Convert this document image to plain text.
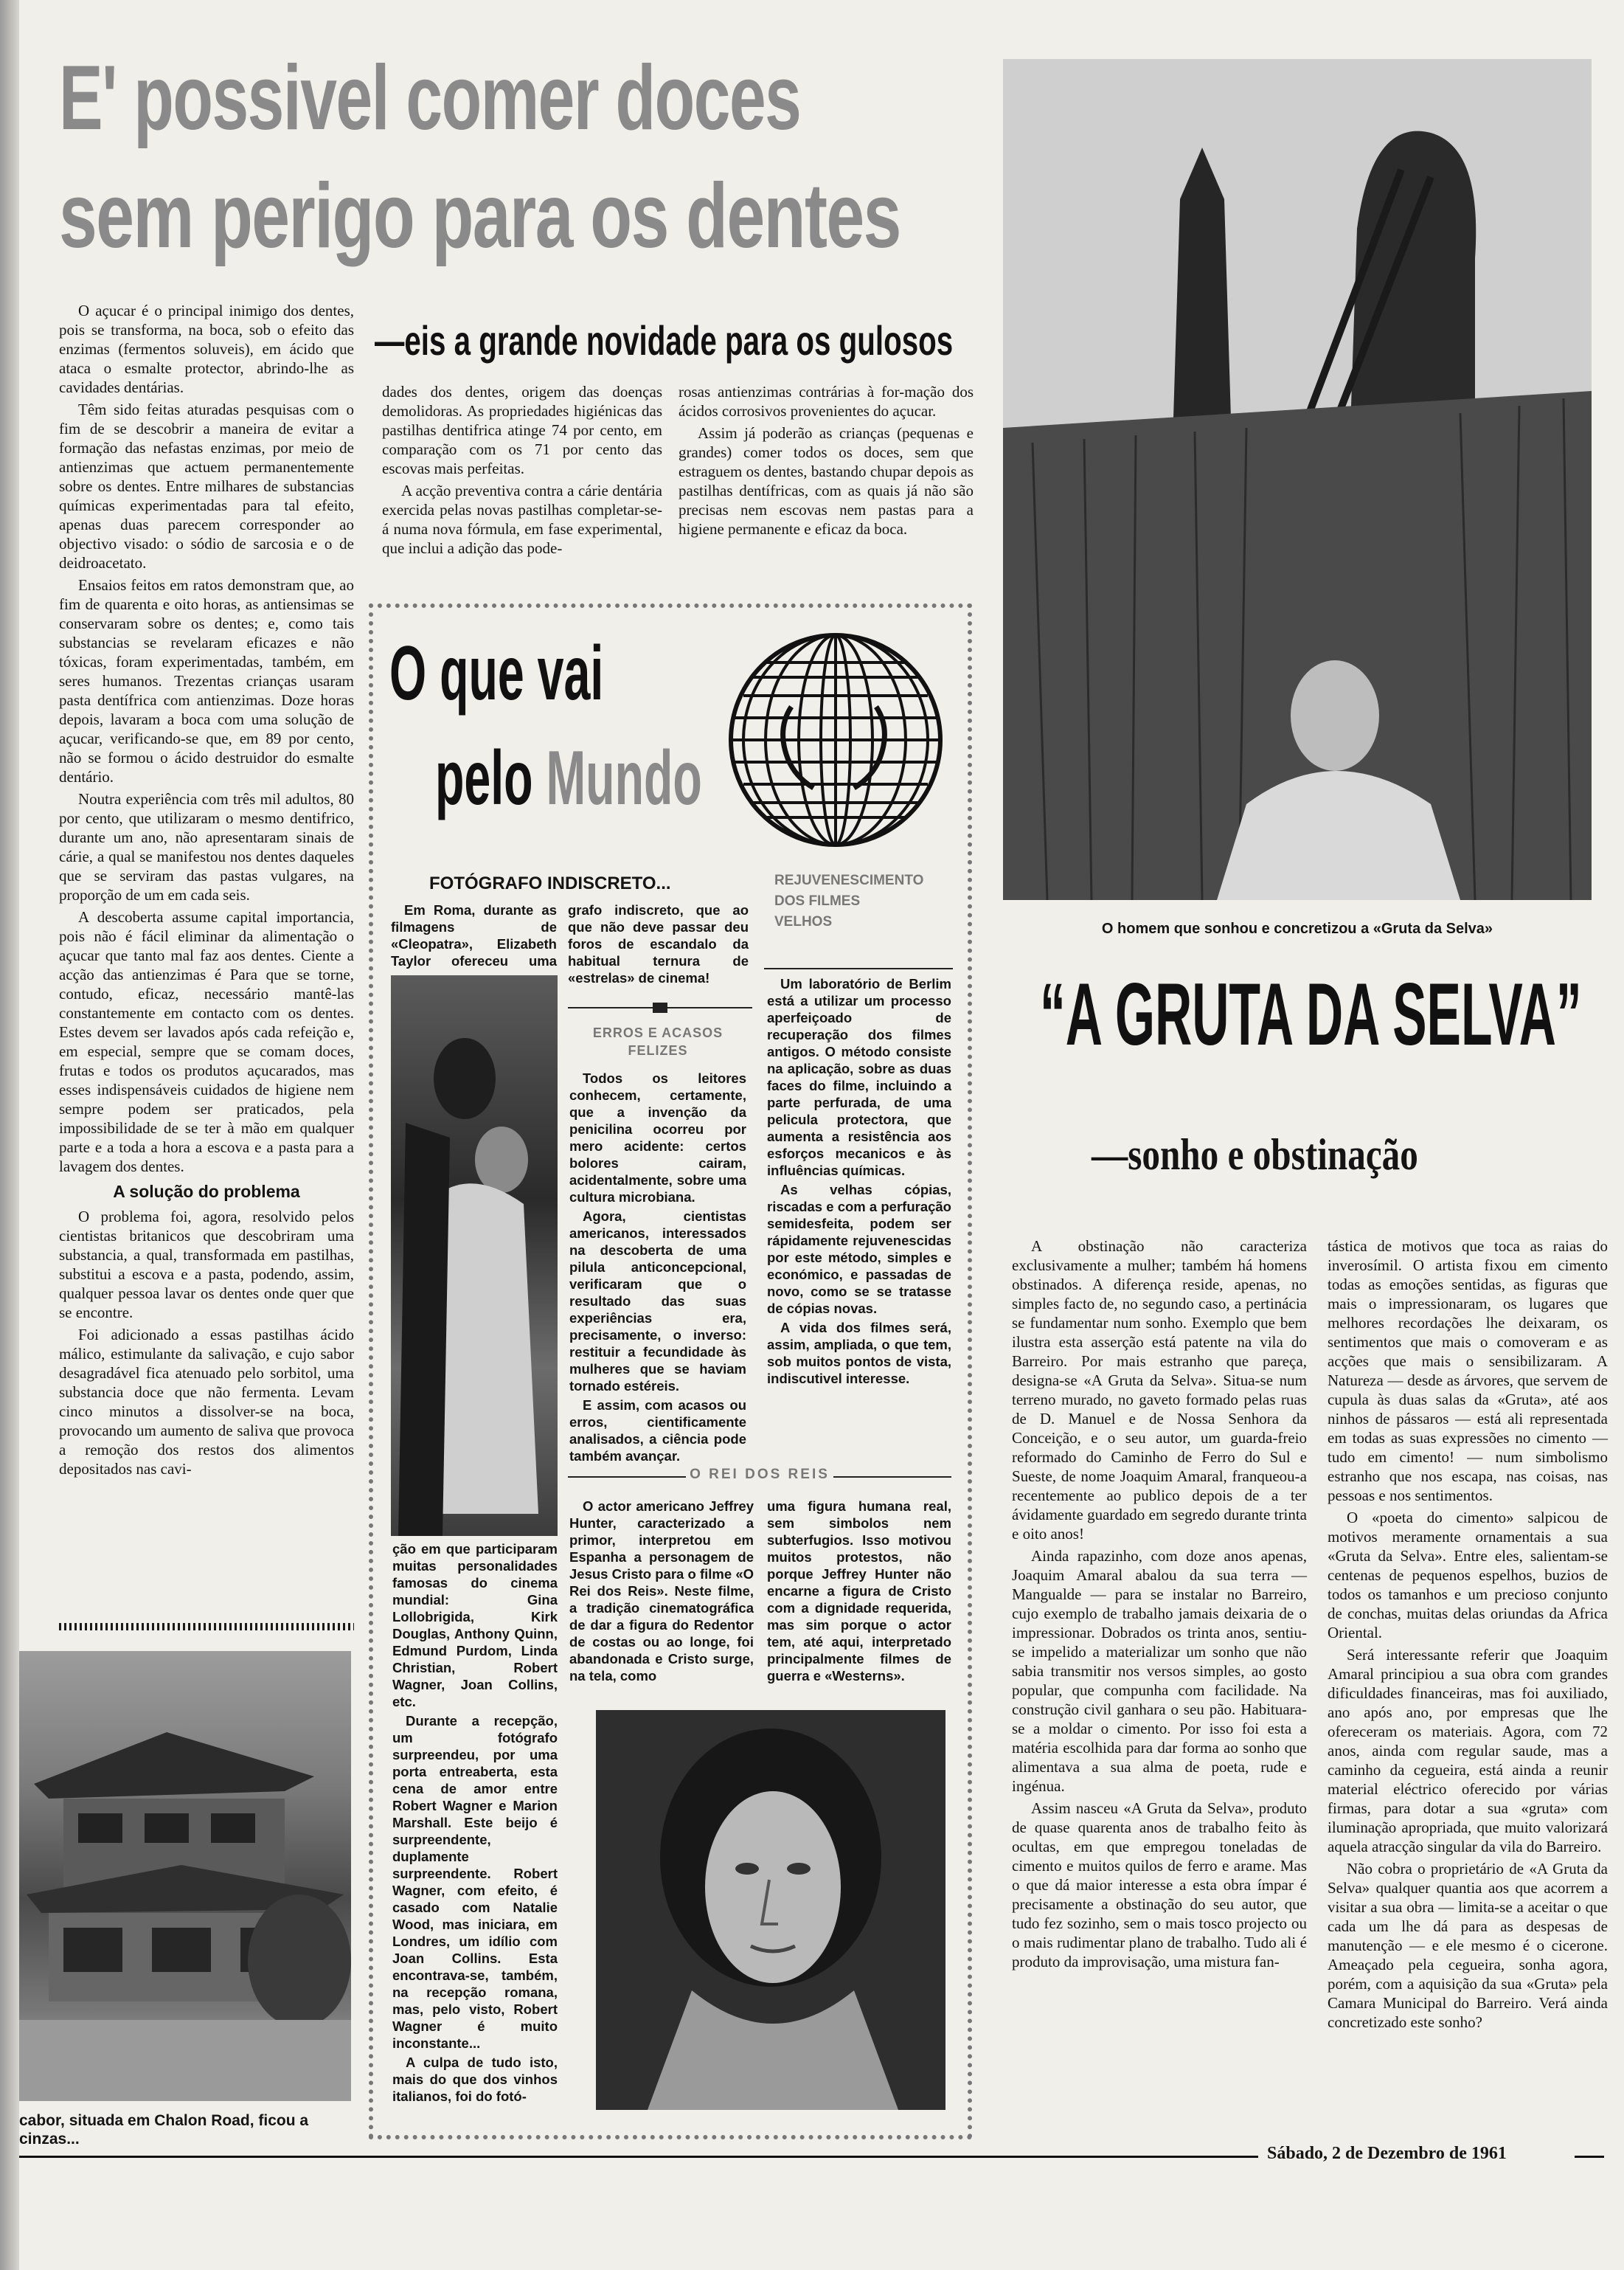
E' possivel comer doces
sem perigo para os dentes
—eis a grande novidade para os gulosos

O açucar é o principal inimigo dos dentes, pois se transforma, na boca, sob o efeito das enzimas (fermentos soluveis), em ácido que ataca o esmalte protector, abrindo-lhe as cavidades dentárias.

Têm sido feitas aturadas pesquisas com o fim de se descobrir a maneira de evitar a formação das nefastas enzimas, por meio de antienzimas que actuem permanentemente sobre os dentes. Entre milhares de substancias químicas experimentadas para tal efeito, apenas duas parecem corresponder ao objectivo visado: o sódio de sarcosia e o de deidroacetato.

Ensaios feitos em ratos demonstram que, ao fim de quarenta e oito horas, as antiensimas se conservaram sobre os dentes; e, como tais substancias se revelaram eficazes e não tóxicas, foram experimentadas, também, em seres humanos. Trezentas crianças usaram pasta dentífrica com antienzimas. Doze horas depois, lavaram a boca com uma solução de açucar, verificando-se que, em 89 por cento, não se formou o ácido destruidor do esmalte dentário.

Noutra experiência com três mil adultos, 80 por cento, que utilizaram o mesmo dentifrico, durante um ano, não apresentaram sinais de cárie, a qual se manifestou nos dentes daqueles que se serviram das pastas vulgares, na proporção de um em cada seis.

A descoberta assume capital importancia, pois não é fácil eliminar da alimentação o açucar que tanto mal faz aos dentes. Ciente a acção das antienzimas é Para que se torne, contudo, eficaz, necessário mantê-las constantemente em contacto com os dentes. Estes devem ser lavados após cada refeição e, em especial, sempre que se comam doces, frutas e todos os produtos açucarados, mas esses indispensáveis cuidados de higiene nem sempre podem ser praticados, pela impossibilidade de se ter à mão em qualquer parte e a toda a hora a escova e a pasta para a lavagem dos dentes.

A solução do problema

O problema foi, agora, resolvido pelos cientistas britanicos que descobriram uma substancia, a qual, transformada em pastilhas, substitui a escova e a pasta, podendo, assim, qualquer pessoa lavar os dentes onde quer que se encontre.

Foi adicionado a essas pastilhas ácido málico, estimulante da salivação, e cujo sabor desagradável fica atenuado pelo sorbitol, uma substancia doce que não fermenta. Levam cinco minutos a dissolver-se na boca, provocando um aumento de saliva que provoca a remoção dos restos dos alimentos depositados nas cavi-

dades dos dentes, origem das doenças demolidoras. As propriedades higiénicas das pastilhas dentifrica atinge 74 por cento, em comparação com os 71 por cento das escovas mais perfeitas.

A acção preventiva contra a cárie dentária exercida pelas novas pastilhas completar-se-á numa nova fórmula, em fase experimental, que inclui a adição das pode-

rosas antienzimas contrárias à for-mação dos ácidos corrosivos provenientes do açucar.

Assim já poderão as crianças (pequenas e grandes) comer todos os doces, sem que estraguem os dentes, bastando chupar depois as pastilhas dentífricas, com as quais já não são precisas nem escovas nem pastas para a higiene permanente e eficaz da boca.

cabor, situada em Chalon Road, ficou a cinzas...
O que vai
pelo Mundo
FOTÓGRAFO INDISCRETO...

Em Roma, durante as filmagens de «Cleopatra», Elizabeth Taylor ofereceu uma

grafo indiscreto, que ao que não deve passar deu foros de escandalo da habitual ternura de «estrelas» de cinema!

ção em que participaram muitas personalidades famosas do cinema mundial: Gina Lollobrigida, Kirk Douglas, Anthony Quinn, Edmund Purdom, Linda Christian, Robert Wagner, Joan Collins, etc.

Durante a recepção, um fotógrafo surpreendeu, por uma porta entreaberta, esta cena de amor entre Robert Wagner e Marion Marshall. Este beijo é surpreendente, duplamente surpreendente. Robert Wagner, com efeito, é casado com Natalie Wood, mas iniciara, em Londres, um idílio com Joan Collins. Esta encontrava-se, também, na recepção romana, mas, pelo visto, Robert Wagner é muito inconstante...

A culpa de tudo isto, mais do que dos vinhos italianos, foi do fotó-

ERROS E ACASOS FELIZES

Todos os leitores conhecem, certamente, que a invenção da penicilina ocorreu por mero acidente: certos bolores cairam, acidentalmente, sobre uma cultura microbiana.

Agora, cientistas americanos, interessados na descoberta de uma pilula anticoncepcional, verificaram que o resultado das suas experiências era, precisamente, o inverso: restituir a fecundidade às mulheres que se haviam tornado estéreis.

E assim, com acasos ou erros, cientificamente analisados, a ciência pode também avançar.

REJUVENESCIMENTO DOS FILMES VELHOS

Um laboratório de Berlim está a utilizar um processo aperfeiçoado de recuperação dos filmes antigos. O método consiste na aplicação, sobre as duas faces do filme, incluindo a parte perfurada, de uma pelicula protectora, que aumenta a resistência aos esforços mecanicos e às influências químicas.

As velhas cópias, riscadas e com a perfuração semidesfeita, podem ser rápidamente rejuvenescidas por este método, simples e económico, e passadas de novo, como se se tratasse de cópias novas.

A vida dos filmes será, assim, ampliada, o que tem, sob muitos pontos de vista, indiscutivel interesse.

O REI DOS REIS

O actor americano Jeffrey Hunter, caracterizado a primor, interpretou em Espanha a personagem de Jesus Cristo para o filme «O Rei dos Reis». Neste filme, a tradição cinematográfica de dar a figura do Redentor de costas ou ao longe, foi abandonada e Cristo surge, na tela, como

uma figura humana real, sem simbolos nem subterfugios. Isso motivou muitos protestos, não porque Jeffrey Hunter não encarne a figura de Cristo com a dignidade requerida, mas sim porque o actor tem, até aqui, interpretado principalmente filmes de guerra e «Westerns».

O homem que sonhou e concretizou a «Gruta da Selva»
“A GRUTA DA SELVA”
—sonho e obstinação

A obstinação não caracteriza exclusivamente a mulher; também há homens obstinados. A diferença reside, apenas, no simples facto de, no segundo caso, a pertinácia se fundamentar num sonho. Exemplo que bem ilustra esta asserção está patente na vila do Barreiro. Por mais estranho que pareça, designa-se «A Gruta da Selva». Situa-se num terreno murado, no gaveto formado pelas ruas de D. Manuel e de Nossa Senhora da Conceição, e o seu autor, um guarda-freio reformado do Caminho de Ferro do Sul e Sueste, de nome Joaquim Amaral, franqueou-a recentemente ao publico depois de a ter ávidamente guardado em segredo durante trinta e oito anos!

Ainda rapazinho, com doze anos apenas, Joaquim Amaral abalou da sua terra — Mangualde — para se instalar no Barreiro, cujo exemplo de trabalho jamais deixaria de o impressionar. Dobrados os trinta anos, sentiu-se impelido a materializar um sonho que não sabia transmitir nos versos simples, ao gosto popular, que compunha com facilidade. Na construção civil ganhara o seu pão. Habituara-se a moldar o cimento. Por isso foi esta a matéria escolhida para dar forma ao sonho que alimentava a sua alma de poeta, rude e ingénua.

Assim nasceu «A Gruta da Selva», produto de quase quarenta anos de trabalho feito às ocultas, em que empregou toneladas de cimento e muitos quilos de ferro e arame. Mas o que dá maior interesse a esta obra ímpar é precisamente a obstinação do seu autor, que tudo fez sozinho, sem o mais tosco projecto ou o mais rudimentar plano de trabalho. Tudo ali é produto da improvisação, uma mistura fan-

tástica de motivos que toca as raias do inverosímil. O artista fixou em cimento todas as emoções sentidas, as figuras que mais o impressionaram, os lugares que melhores recordações lhe deixaram, os sentimentos que mais o comoveram e as acções que mais o sensibilizaram. A Natureza — desde as árvores, que servem de cupula às duas salas da «Gruta», até aos ninhos de pássaros — está ali representada em todas as suas expressões no cimento — tudo em cimento! — num simbolismo estranho que nos escapa, nas coisas, nas pessoas e nos sentimentos.

O «poeta do cimento» salpicou de motivos meramente ornamentais a sua «Gruta da Selva». Entre eles, salientam-se centenas de pequenos espelhos, buzios de todos os tamanhos e um precioso conjunto de conchas, muitas delas oriundas da Africa Oriental.

Será interessante referir que Joaquim Amaral principiou a sua obra com grandes dificuldades financeiras, mas foi auxiliado, ano após ano, por empresas que lhe ofereceram os materiais. Agora, com 72 anos, ainda com regular saude, mas a caminho da cegueira, está ainda a reunir material eléctrico oferecido por várias firmas, para dotar a sua «gruta» com iluminação apropriada, que muito valorizará aquela atracção singular da vila do Barreiro.

Não cobra o proprietário de «A Gruta da Selva» qualquer quantia aos que acorrem a visitar a sua obra — limita-se a aceitar o que cada um lhe dá para as despesas de manutenção — e ele mesmo é o cicerone. Ameaçado pela cegueira, sonha agora, porém, com a aquisição da sua «Gruta» pela Camara Municipal do Barreiro. Verá ainda concretizado este sonho?

Sábado, 2 de Dezembro de 1961
